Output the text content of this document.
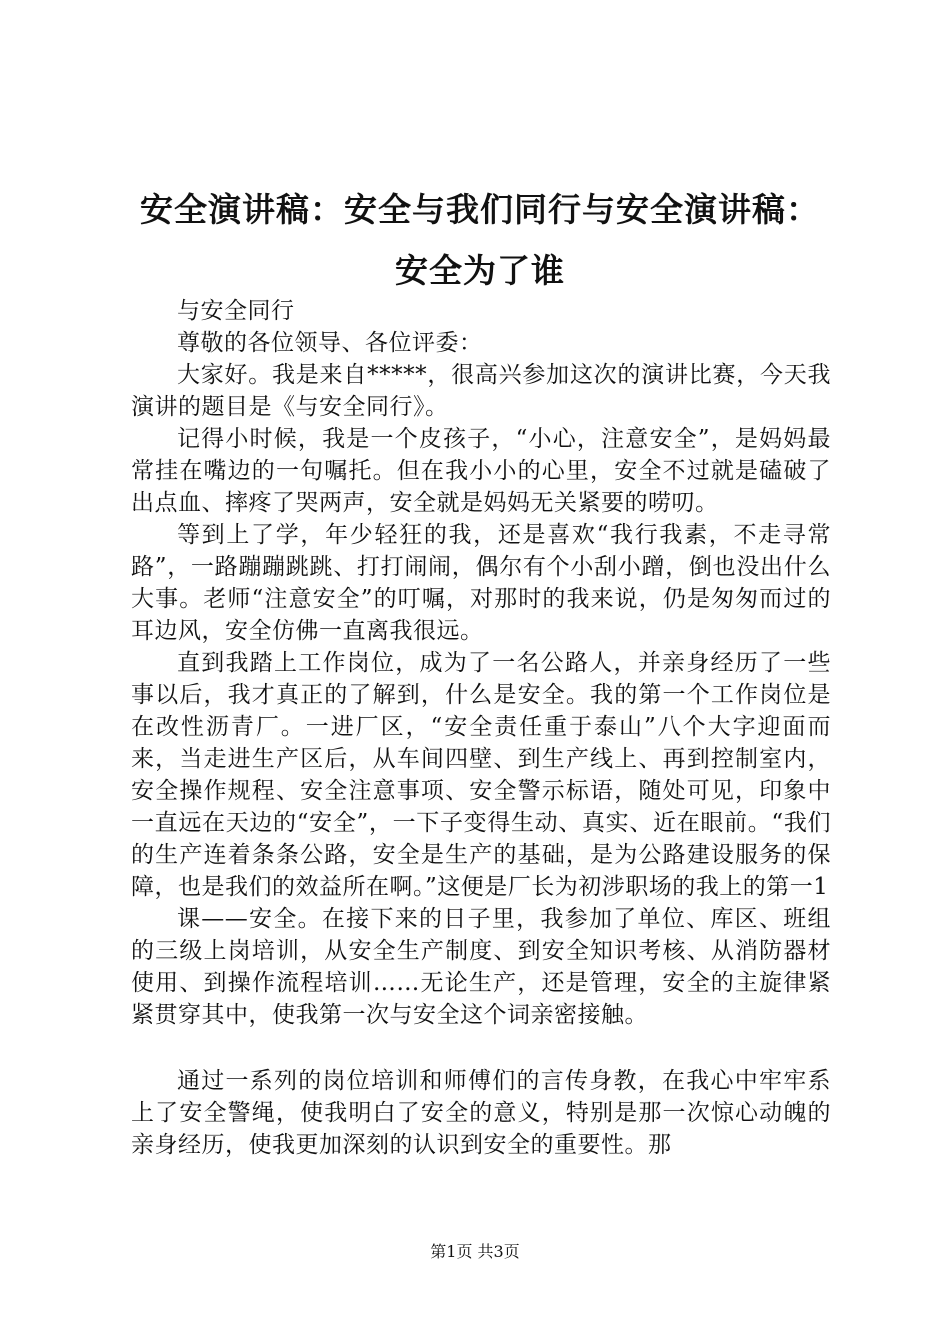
安全演讲稿：安全与我们同行与安全演讲稿：
安全为了谁

与安全同行

尊敬的各位领导、各位评委：

大家好。我是来自*****，很高兴参加这次的演讲比赛，今天我演讲的题目是《与安全同行》。

记得小时候，我是一个皮孩子，“小心，注意安全”，是妈妈最常挂在嘴边的一句嘱托。但在我小小的心里，安全不过就是磕破了出点血、摔疼了哭两声，安全就是妈妈无关紧要的唠叨。

等到上了学，年少轻狂的我，还是喜欢“我行我素，不走寻常路”，一路蹦蹦跳跳、打打闹闹，偶尔有个小刮小蹭，倒也没出什么大事。老师“注意安全”的叮嘱，对那时的我来说，仍是匆匆而过的耳边风，安全仿佛一直离我很远。

直到我踏上工作岗位，成为了一名公路人，并亲身经历了一些事以后，我才真正的了解到，什么是安全。我的第一个工作岗位是在改性沥青厂。一进厂区，“安全责任重于泰山”八个大字迎面而来，当走进生产区后，从车间四壁、到生产线上、再到控制室内，安全操作规程、安全注意事项、安全警示标语，随处可见，印象中一直远在天边的“安全”，一下子变得生动、真实、近在眼前。“我们的生产连着条条公路，安全是生产的基础，是为公路建设服务的保障，也是我们的效益所在啊。”这便是厂长为初涉职场的我上的第一1

课——安全。在接下来的日子里，我参加了单位、库区、班组的三级上岗培训，从安全生产制度、到安全知识考核、从消防器材使用、到操作流程培训……无论生产，还是管理，安全的主旋律紧紧贯穿其中，使我第一次与安全这个词亲密接触。

通过一系列的岗位培训和师傅们的言传身教，在我心中牢牢系上了安全警绳，使我明白了安全的意义，特别是那一次惊心动魄的亲身经历，使我更加深刻的认识到安全的重要性。那

第1页 共3页
